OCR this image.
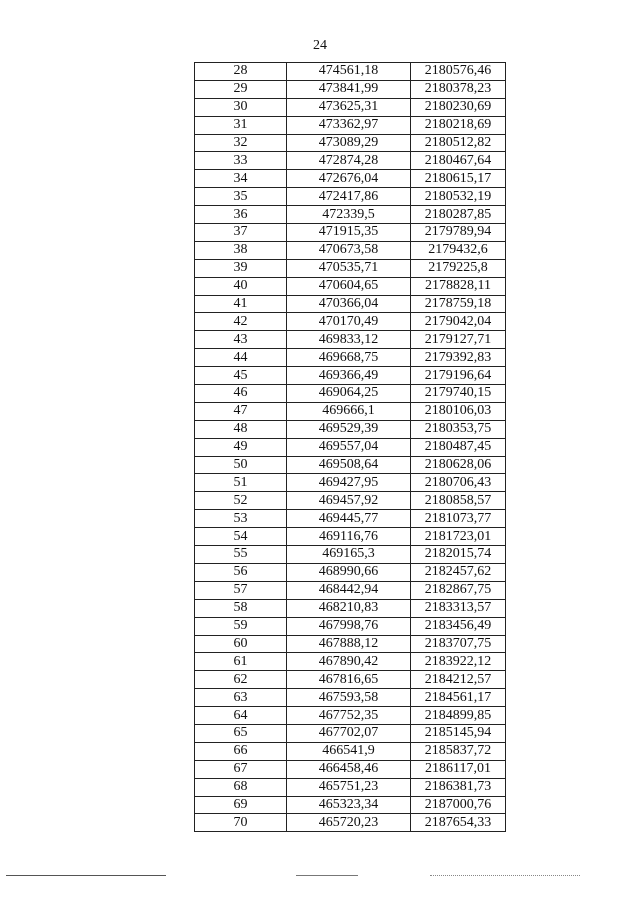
24
28	474561,18	2180576,46
29	473841,99	2180378,23
30	473625,31	2180230,69
31	473362,97	2180218,69
32	473089,29	2180512,82
33	472874,28	2180467,64
34	472676,04	2180615,17
35	472417,86	2180532,19
36	472339,5	2180287,85
37	471915,35	2179789,94
38	470673,58	2179432,6
39	470535,71	2179225,8
40	470604,65	2178828,11
41	470366,04	2178759,18
42	470170,49	2179042,04
43	469833,12	2179127,71
44	469668,75	2179392,83
45	469366,49	2179196,64
46	469064,25	2179740,15
47	469666,1	2180106,03
48	469529,39	2180353,75
49	469557,04	2180487,45
50	469508,64	2180628,06
51	469427,95	2180706,43
52	469457,92	2180858,57
53	469445,77	2181073,77
54	469116,76	2181723,01
55	469165,3	2182015,74
56	468990,66	2182457,62
57	468442,94	2182867,75
58	468210,83	2183313,57
59	467998,76	2183456,49
60	467888,12	2183707,75
61	467890,42	2183922,12
62	467816,65	2184212,57
63	467593,58	2184561,17
64	467752,35	2184899,85
65	467702,07	2185145,94
66	466541,9	2185837,72
67	466458,46	2186117,01
68	465751,23	2186381,73
69	465323,34	2187000,76
70	465720,23	2187654,33
